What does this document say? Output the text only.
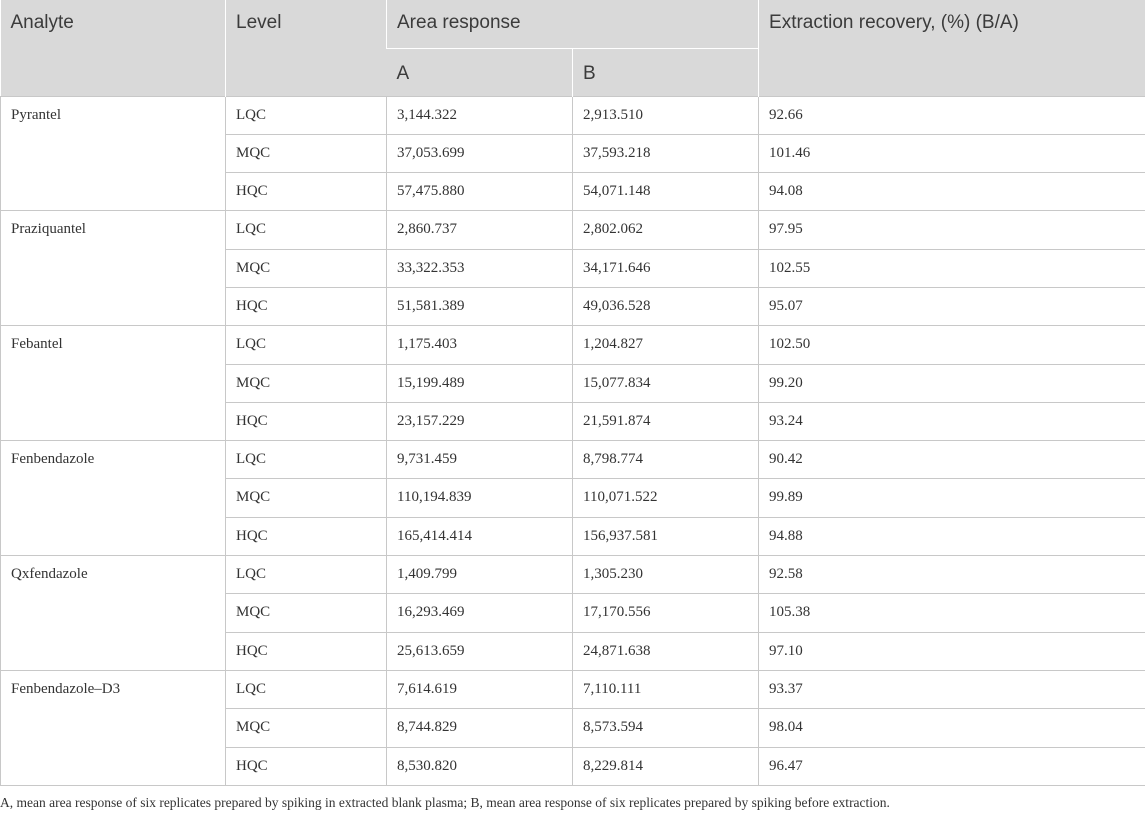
Analyte	Level	Area response		Extraction recovery, (%) (B/A)
		A	B	
Pyrantel	LQC	3,144.322	2,913.510	92.66
	MQC	37,053.699	37,593.218	101.46
	HQC	57,475.880	54,071.148	94.08
Praziquantel	LQC	2,860.737	2,802.062	97.95
	MQC	33,322.353	34,171.646	102.55
	HQC	51,581.389	49,036.528	95.07
Febantel	LQC	1,175.403	1,204.827	102.50
	MQC	15,199.489	15,077.834	99.20
	HQC	23,157.229	21,591.874	93.24
Fenbendazole	LQC	9,731.459	8,798.774	90.42
	MQC	110,194.839	110,071.522	99.89
	HQC	165,414.414	156,937.581	94.88
Qxfendazole	LQC	1,409.799	1,305.230	92.58
	MQC	16,293.469	17,170.556	105.38
	HQC	25,613.659	24,871.638	97.10
Fenbendazole–D3	LQC	7,614.619	7,110.111	93.37
	MQC	8,744.829	8,573.594	98.04
	HQC	8,530.820	8,229.814	96.47
A, mean area response of six replicates prepared by spiking in extracted blank plasma; B, mean area response of six replicates prepared by spiking before extraction.
